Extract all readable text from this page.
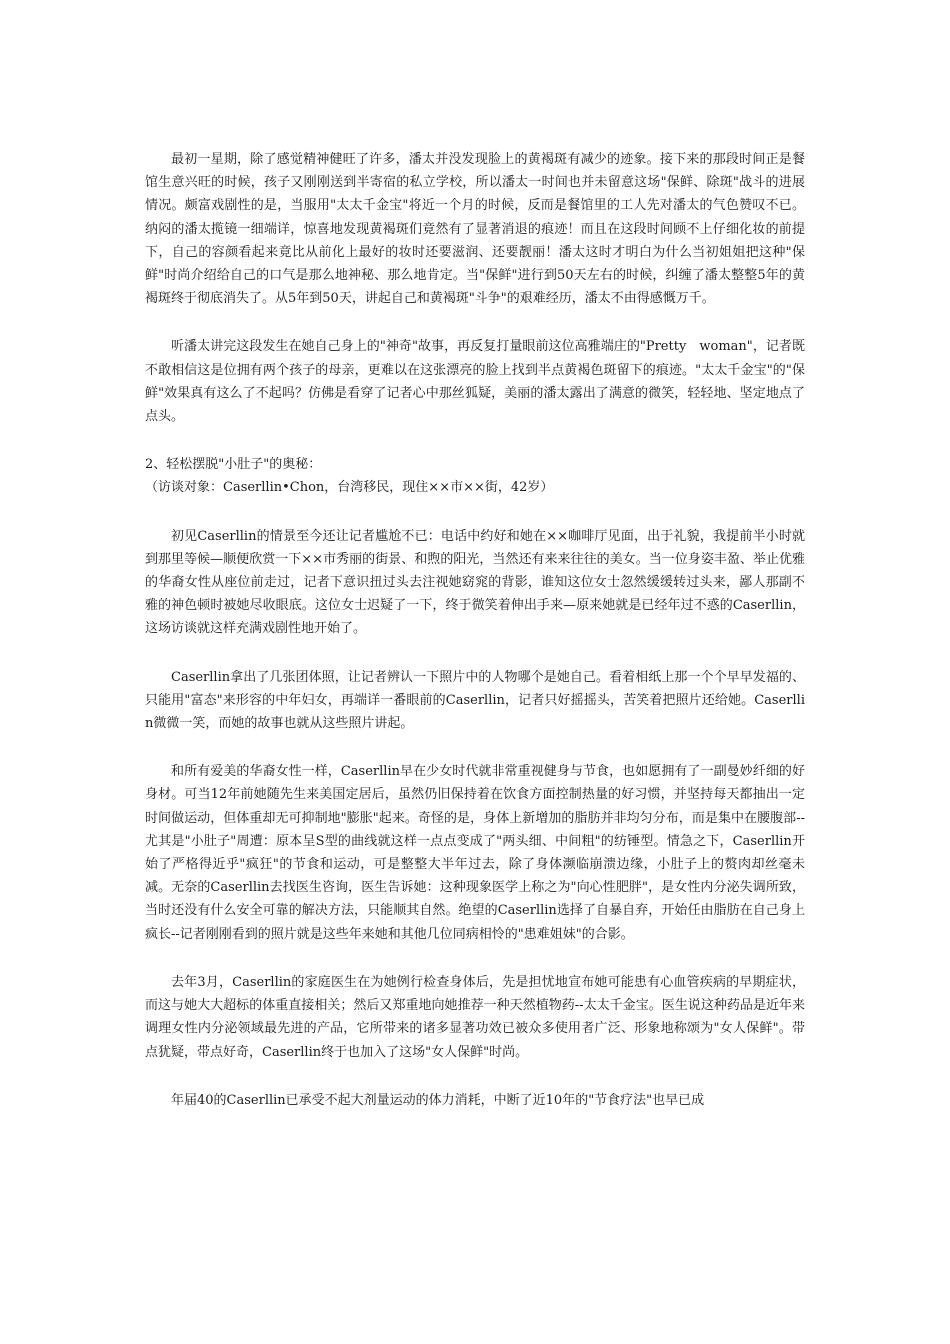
最初一星期，除了感觉精神健旺了许多，潘太并没发现脸上的黄褐斑有减少的迹象。接下来的那段时间正是餐馆生意兴旺的时候，孩子又刚刚送到半寄宿的私立学校，所以潘太一时间也并未留意这场"保鲜、除斑"战斗的进展情况。颇富戏剧性的是，当服用"太太千金宝"将近一个月的时候，反而是餐馆里的工人先对潘太的气色赞叹不已。纳闷的潘太揽镜一细端详，惊喜地发现黄褐斑们竟然有了显著消退的痕迹！而且在这段时间顾不上仔细化妆的前提下，自己的容颜看起来竟比从前化上最好的妆时还要滋润、还要靓丽！潘太这时才明白为什么当初姐姐把这种"保鲜"时尚介绍给自己的口气是那么地神秘、那么地肯定。当"保鲜"进行到50天左右的时候，纠缠了潘太整整5年的黄褐斑终于彻底消失了。从5年到50天，讲起自己和黄褐斑"斗争"的艰难经历，潘太不由得感慨万千。

听潘太讲完这段发生在她自己身上的"神奇"故事，再反复打量眼前这位高雅端庄的"Pretty　woman"，记者既不敢相信这是位拥有两个孩子的母亲，更难以在这张漂亮的脸上找到半点黄褐色斑留下的痕迹。"太太千金宝"的"保鲜"效果真有这么了不起吗？仿佛是看穿了记者心中那丝狐疑，美丽的潘太露出了满意的微笑，轻轻地、坚定地点了点头。

2、轻松摆脱"小肚子"的奥秘：

（访谈对象：Caserllin•Chon，台湾移民，现住××市××街，42岁）

初见Caserllin的情景至今还让记者尴尬不已：电话中约好和她在××咖啡厅见面，出于礼貌，我提前半小时就到那里等候—顺便欣赏一下××市秀丽的街景、和煦的阳光，当然还有来来往往的美女。当一位身姿丰盈、举止优雅的华裔女性从座位前走过，记者下意识扭过头去注视她窈窕的背影，谁知这位女士忽然缓缓转过头来，鄙人那副不雅的神色顿时被她尽收眼底。这位女士迟疑了一下，终于微笑着伸出手来—原来她就是已经年过不惑的Caserllin，这场访谈就这样充满戏剧性地开始了。

Caserllin拿出了几张团体照，让记者辨认一下照片中的人物哪个是她自己。看着相纸上那一个个早早发福的、只能用"富态"来形容的中年妇女，再端详一番眼前的Caserllin，记者只好摇摇头，苦笑着把照片还给她。Caserllin微微一笑，而她的故事也就从这些照片讲起。

和所有爱美的华裔女性一样，Caserllin早在少女时代就非常重视健身与节食，也如愿拥有了一副曼妙纤细的好身材。可当12年前她随先生来美国定居后，虽然仍旧保持着在饮食方面控制热量的好习惯，并坚持每天都抽出一定时间做运动，但体重却无可抑制地"膨胀"起来。奇怪的是，身体上新增加的脂肪并非均匀分布，而是集中在腰腹部--尤其是"小肚子"周遭：原本呈S型的曲线就这样一点点变成了"两头细、中间粗"的纺锤型。情急之下，Caserllin开始了严格得近乎"疯狂"的节食和运动，可是整整大半年过去，除了身体濒临崩溃边缘，小肚子上的赘肉却丝毫未减。无奈的Caserllin去找医生咨询，医生告诉她：这种现象医学上称之为"向心性肥胖"，是女性内分泌失调所致，当时还没有什么安全可靠的解决方法，只能顺其自然。绝望的Caserllin选择了自暴自弃，开始任由脂肪在自己身上疯长--记者刚刚看到的照片就是这些年来她和其他几位同病相怜的"患难姐妹"的合影。

去年3月，Caserllin的家庭医生在为她例行检查身体后，先是担忧地宣布她可能患有心血管疾病的早期症状，而这与她大大超标的体重直接相关；然后又郑重地向她推荐一种天然植物药--太太千金宝。医生说这种药品是近年来调理女性内分泌领域最先进的产品，它所带来的诸多显著功效已被众多使用者广泛、形象地称颂为"女人保鲜"。带点犹疑，带点好奇，Caserllin终于也加入了这场"女人保鲜"时尚。

年届40的Caserllin已承受不起大剂量运动的体力消耗，中断了近10年的"节食疗法"也早已成
